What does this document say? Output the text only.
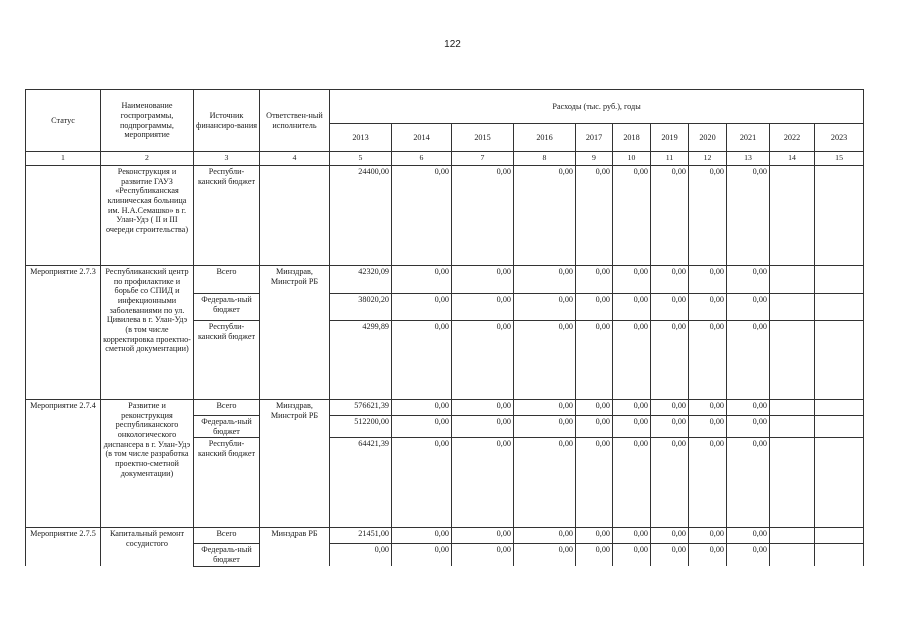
122
Статус	Наименование госпрограммы, подпрограммы, мероприятие	Источник финансиро-вания	Ответствен-ный исполнитель	Расходы (тыс. руб.), годы										
				2013	2014	2015	2016	2017	2018	2019	2020	2021	2022	2023
1	2	3	4	5	6	7	8	9	10	11	12	13	14	15
	Реконструкция и развитие ГАУЗ «Республиканская клиническая больница им. Н.А.Семашко» в г. Улан-Удэ ( II и III очереди строительства)	Республи-канский бюджет		24400,00	0,00	0,00	0,00	0,00	0,00	0,00	0,00	0,00		
Мероприятие 2.7.3	Республиканский центр по профилактике и борьбе со СПИД и инфекционными заболеваниями по ул. Цивилева в г. Улан-Удэ (в том числе корректировка проектно-сметной документации)	Всего	Минздрав, Минстрой РБ	42320,09	0,00	0,00	0,00	0,00	0,00	0,00	0,00	0,00		
		Федераль-ный бюджет		38020,20	0,00	0,00	0,00	0,00	0,00	0,00	0,00	0,00		
		Республи-канский бюджет		4299,89	0,00	0,00	0,00	0,00	0,00	0,00	0,00	0,00		
Мероприятие 2.7.4	Развитие и реконструкция республиканского онкологического диспансера в г. Улан-Удэ (в том числе разработка проектно-сметной документации)	Всего	Минздрав, Минстрой РБ	576621,39	0,00	0,00	0,00	0,00	0,00	0,00	0,00	0,00		
		Федераль-ный бюджет		512200,00	0,00	0,00	0,00	0,00	0,00	0,00	0,00	0,00		
		Республи-канский бюджет		64421,39	0,00	0,00	0,00	0,00	0,00	0,00	0,00	0,00		
Мероприятие 2.7.5	Капитальный ремонт сосудистого	Всего	Минздрав РБ	21451,00	0,00	0,00	0,00	0,00	0,00	0,00	0,00	0,00		
		Федераль-ный бюджет		0,00	0,00	0,00	0,00	0,00	0,00	0,00	0,00	0,00		
